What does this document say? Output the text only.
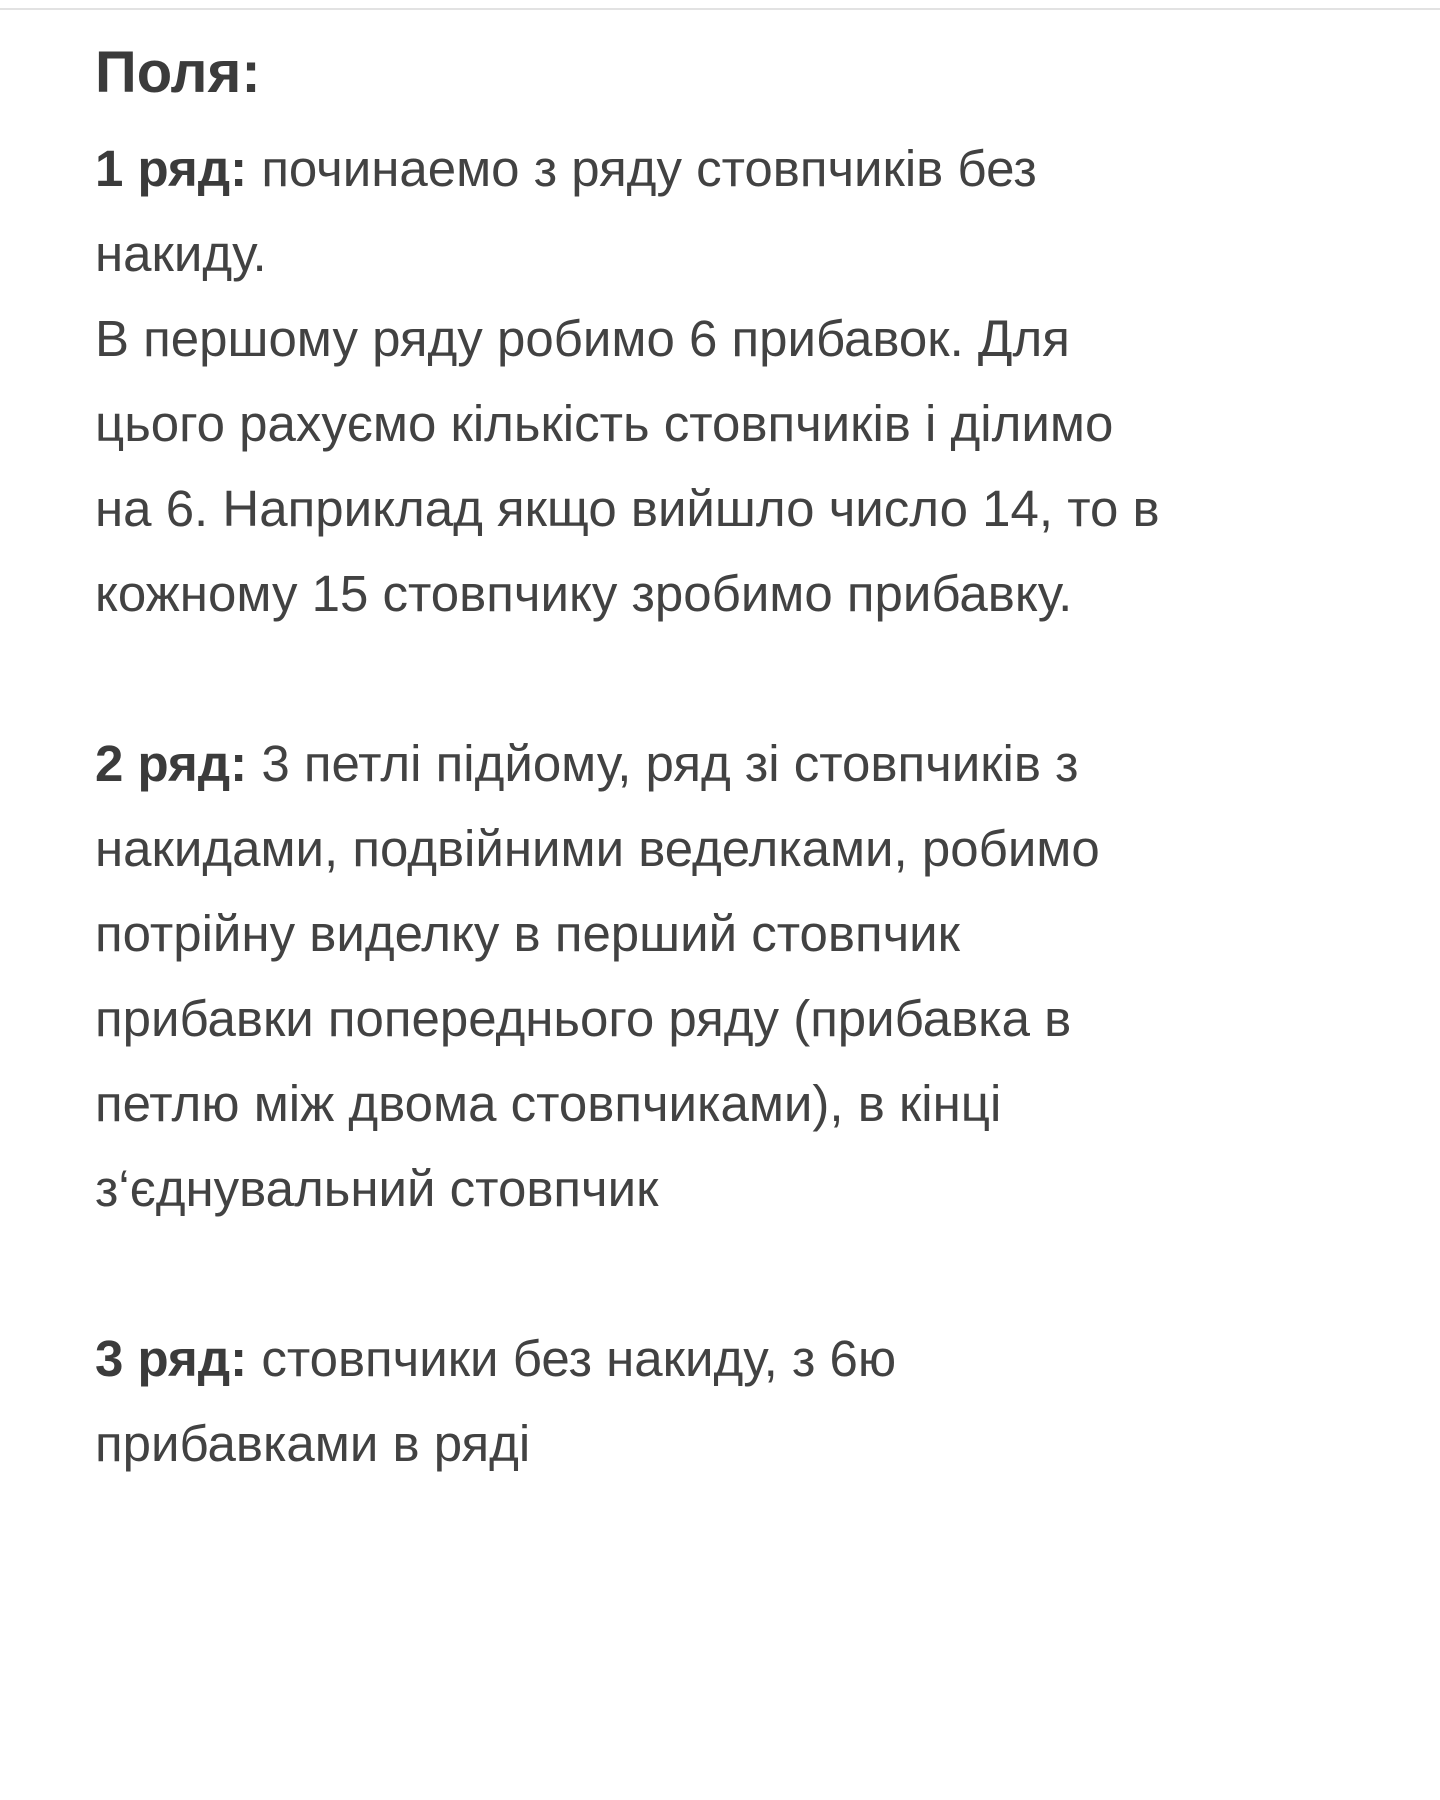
Поля:

1 ряд: починаемо з ряду стовпчиків без
накиду.
В першому ряду робимо 6 прибавок. Для
цього рахуємо кількість стовпчиків і ділимо
на 6. Наприклад якщо вийшло число 14, то в
кожному 15 стовпчику зробимо прибавку.

2 ряд: 3 петлі підйому, ряд зі стовпчиків з
накидами, подвійними веделками, робимо
потрійну виделку в перший стовпчик
прибавки попереднього ряду (прибавка в
петлю між двома стовпчиками), в кінці
з‘єднувальний стовпчик

3 ряд: стовпчики без накиду, з 6ю
прибавками в ряді
